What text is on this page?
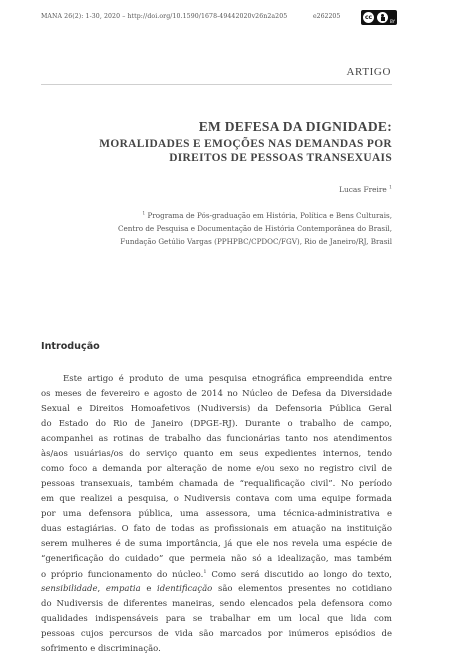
MANA 26(2): 1-30, 2020 – http://doi.org/10.1590/1678-49442020v26n2a205	e262205	cc
BY
ARTIGO
EM DEFESA DA DIGNIDADE:
MORALIDADES E EMOÇÕES NAS DEMANDAS POR
DIREITOS DE PESSOAS TRANSEXUAIS
Lucas Freire $^1$
$^1$ Programa de Pós-graduação em História, Política e Bens Culturais,
Centro de Pesquisa e Documentação de História Contemporânea do Brasil,
Fundação Getúlio Vargas (PPHPBC/CPDOC/FGV), Rio de Janeiro/RJ, Brasil
Introdução
Este artigo é produto de uma pesquisa etnográfica empreendida entre
os meses de fevereiro e agosto de 2014 no Núcleo de Defesa da Diversidade
Sexual e Direitos Homoafetivos (Nudiversis) da Defensoria Pública Geral
do Estado do Rio de Janeiro (DPGE-RJ). Durante o trabalho de campo,
acompanhei as rotinas de trabalho das funcionárias tanto nos atendimentos
às/aos usuárias/os do serviço quanto em seus expedientes internos, tendo
como foco a demanda por alteração de nome e/ou sexo no registro civil de
pessoas transexuais, também chamada de “requalificação civil”. No período
em que realizei a pesquisa, o Nudiversis contava com uma equipe formada
por uma defensora pública, uma assessora, uma técnica-administrativa e
duas estagiárias. O fato de todas as profissionais em atuação na instituição
serem mulheres é de suma importância, já que ele nos revela uma espécie de
“generificação do cuidado” que permeia não só a idealização, mas também
o próprio funcionamento do núcleo.$^1$ Como será discutido ao longo do texto,
sensibilidade, empatia e identificação são elementos presentes no cotidiano
do Nudiversis de diferentes maneiras, sendo elencados pela defensora como
qualidades indispensáveis para se trabalhar em um local que lida com
pessoas cujos percursos de vida são marcados por inúmeros episódios de
sofrimento e discriminação.
